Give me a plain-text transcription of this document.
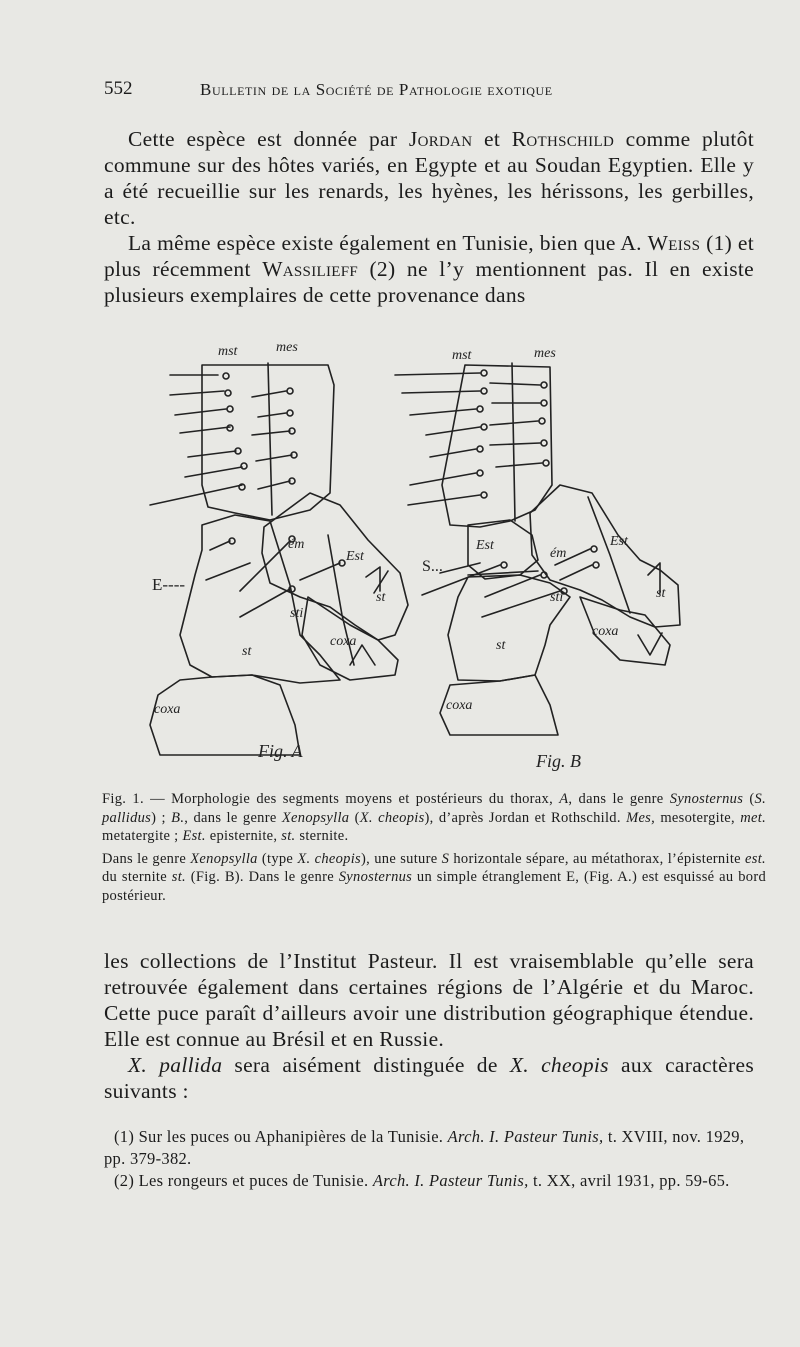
552	Bulletin de la Société de Pathologie exotique

Cette espèce est donnée par Jordan et Rothschild comme plutôt commune sur des hôtes variés, en Egypte et au Soudan Egyptien. Elle y a été recueillie sur les renards, les hyènes, les hérissons, les gerbilles, etc.

La même espèce existe également en Tunisie, bien que A. Weiss (1) et plus récemment Wassilieff (2) ne l’y mentionnent pas. Il en existe plusieurs exemplaires de cette provenance dans

mst	mes
ém
Est
st
sti
coxa
st
coxa
E----
mst	mes
Est
ém
Est
S...
sti	st
coxa
st
coxa
Fig. A	Fig. B

Fig. 1. — Morphologie des segments moyens et postérieurs du thorax, A, dans le genre Synosternus (S. pallidus) ; B., dans le genre Xenopsylla (X. cheopis), d’après Jordan et Rothschild. Mes, mesotergite, met. metatergite ; Est. episternite, st. sternite.

Dans le genre Xenopsylla (type X. cheopis), une suture S horizontale sépare, au métathorax, l’épisternite est. du sternite st. (Fig. B). Dans le genre Synosternus un simple étranglement E, (Fig. A.) est esquissé au bord postérieur.

les collections de l’Institut Pasteur. Il est vraisemblable qu’elle sera retrouvée également dans certaines régions de l’Algérie et du Maroc. Cette puce paraît d’ailleurs avoir une distribution géographique étendue. Elle est connue au Brésil et en Russie.

X. pallida sera aisément distinguée de X. cheopis aux caractères suivants :

(1) Sur les puces ou Aphanipières de la Tunisie. Arch. I. Pasteur Tunis, t. XVIII, nov. 1929, pp. 379-382.

(2) Les rongeurs et puces de Tunisie. Arch. I. Pasteur Tunis, t. XX, avril 1931, pp. 59-65.
